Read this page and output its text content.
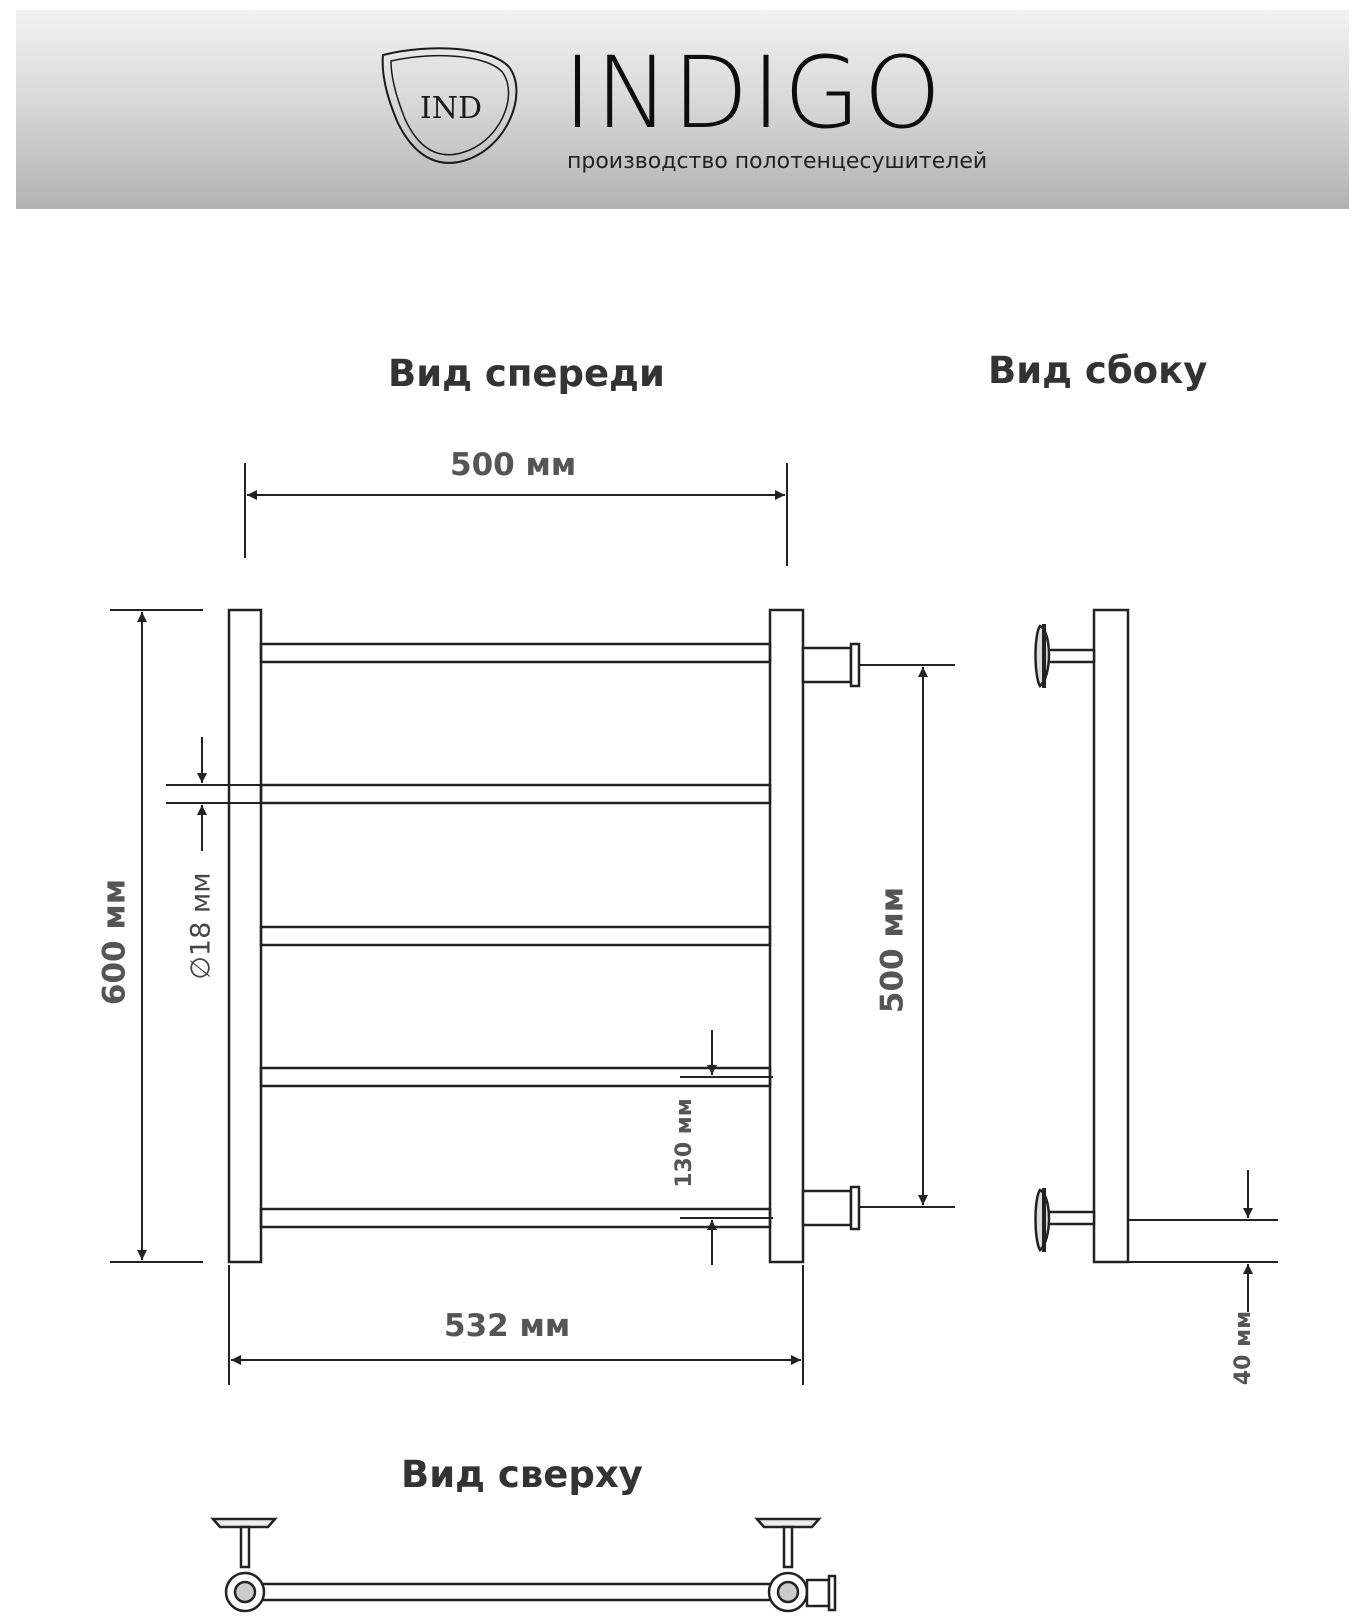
IND INDIGO
производство полотенцесушителей
Вид спереди	Вид сбоку
Вид сверху
500 мм
532 мм
600 мм	500 мм
∅18 мм
130 мм
40 мм
